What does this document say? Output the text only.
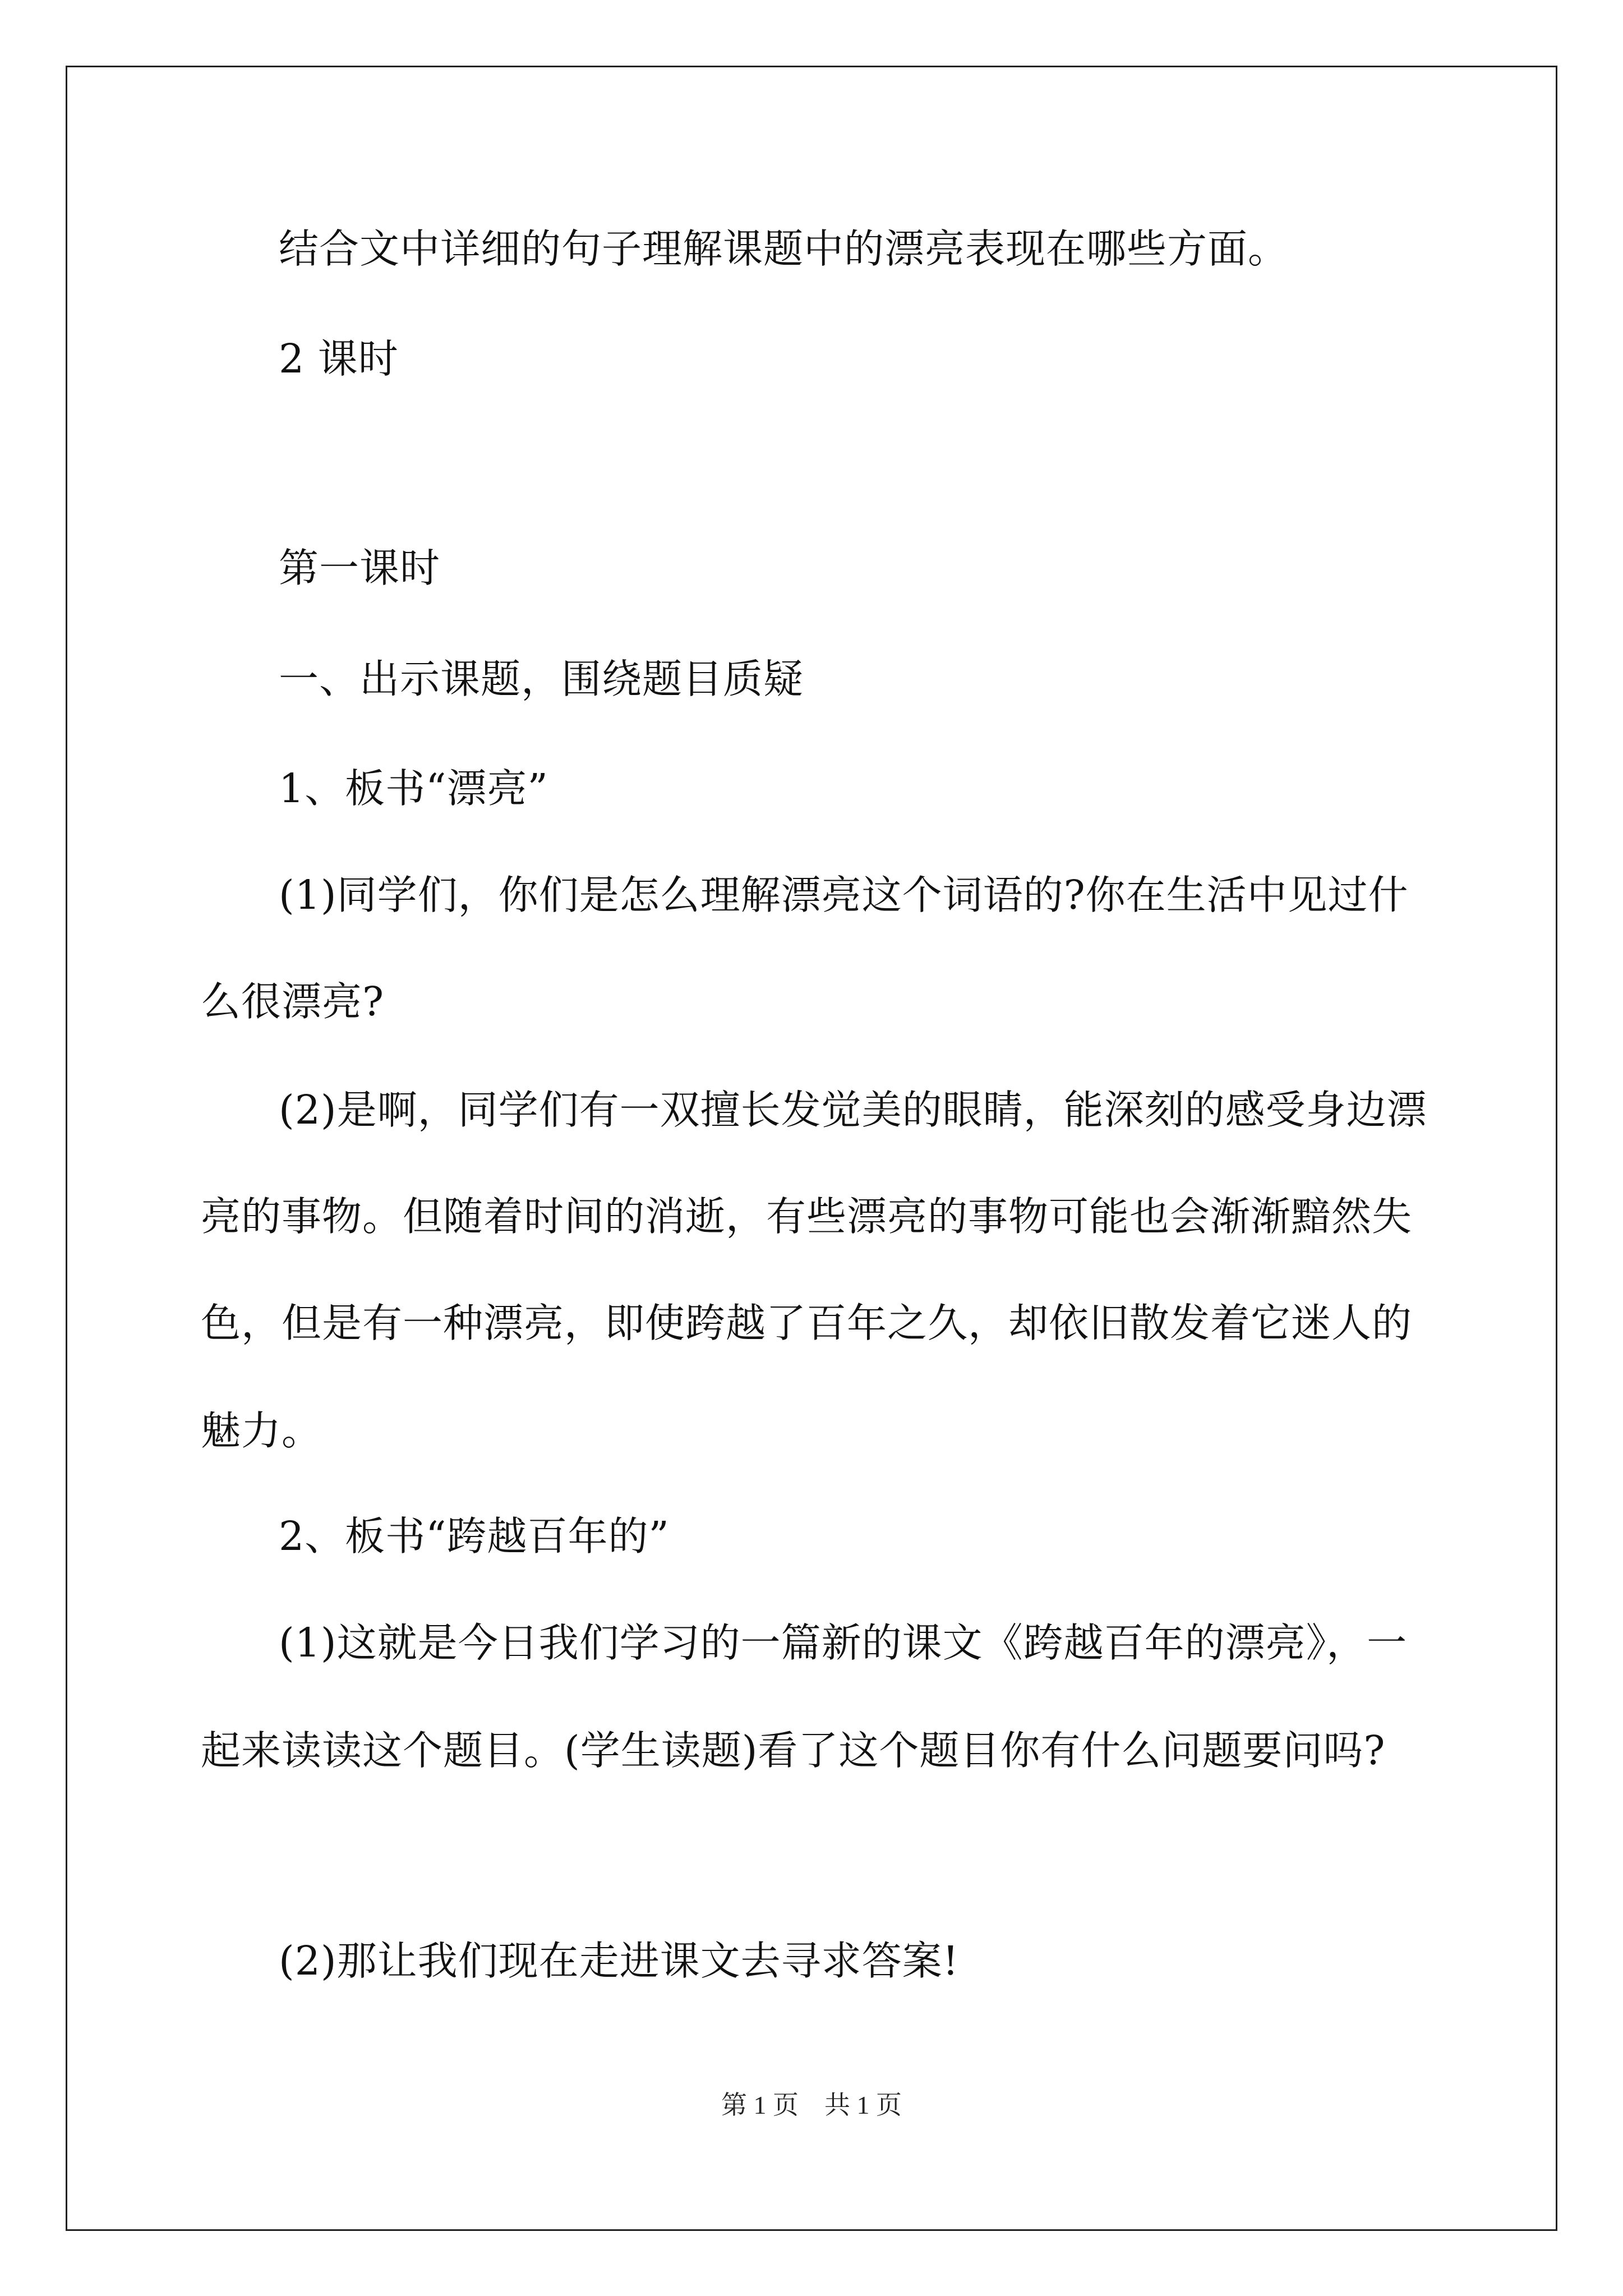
结合文中详细的句子理解课题中的漂亮表现在哪些方面。
2 课时
第一课时
一、出示课题，围绕题目质疑
1、板书“漂亮”
(1)同学们，你们是怎么理解漂亮这个词语的?你在生活中见过什
么很漂亮?
(2)是啊，同学们有一双擅长发觉美的眼睛，能深刻的感受身边漂
亮的事物。但随着时间的消逝，有些漂亮的事物可能也会渐渐黯然失
色，但是有一种漂亮，即使跨越了百年之久，却依旧散发着它迷人的
魅力。
2、板书“跨越百年的”
(1)这就是今日我们学习的一篇新的课文《跨越百年的漂亮》，一
起来读读这个题目。(学生读题)看了这个题目你有什么问题要问吗?
(2)那让我们现在走进课文去寻求答案!
第 1 页　共 1 页
